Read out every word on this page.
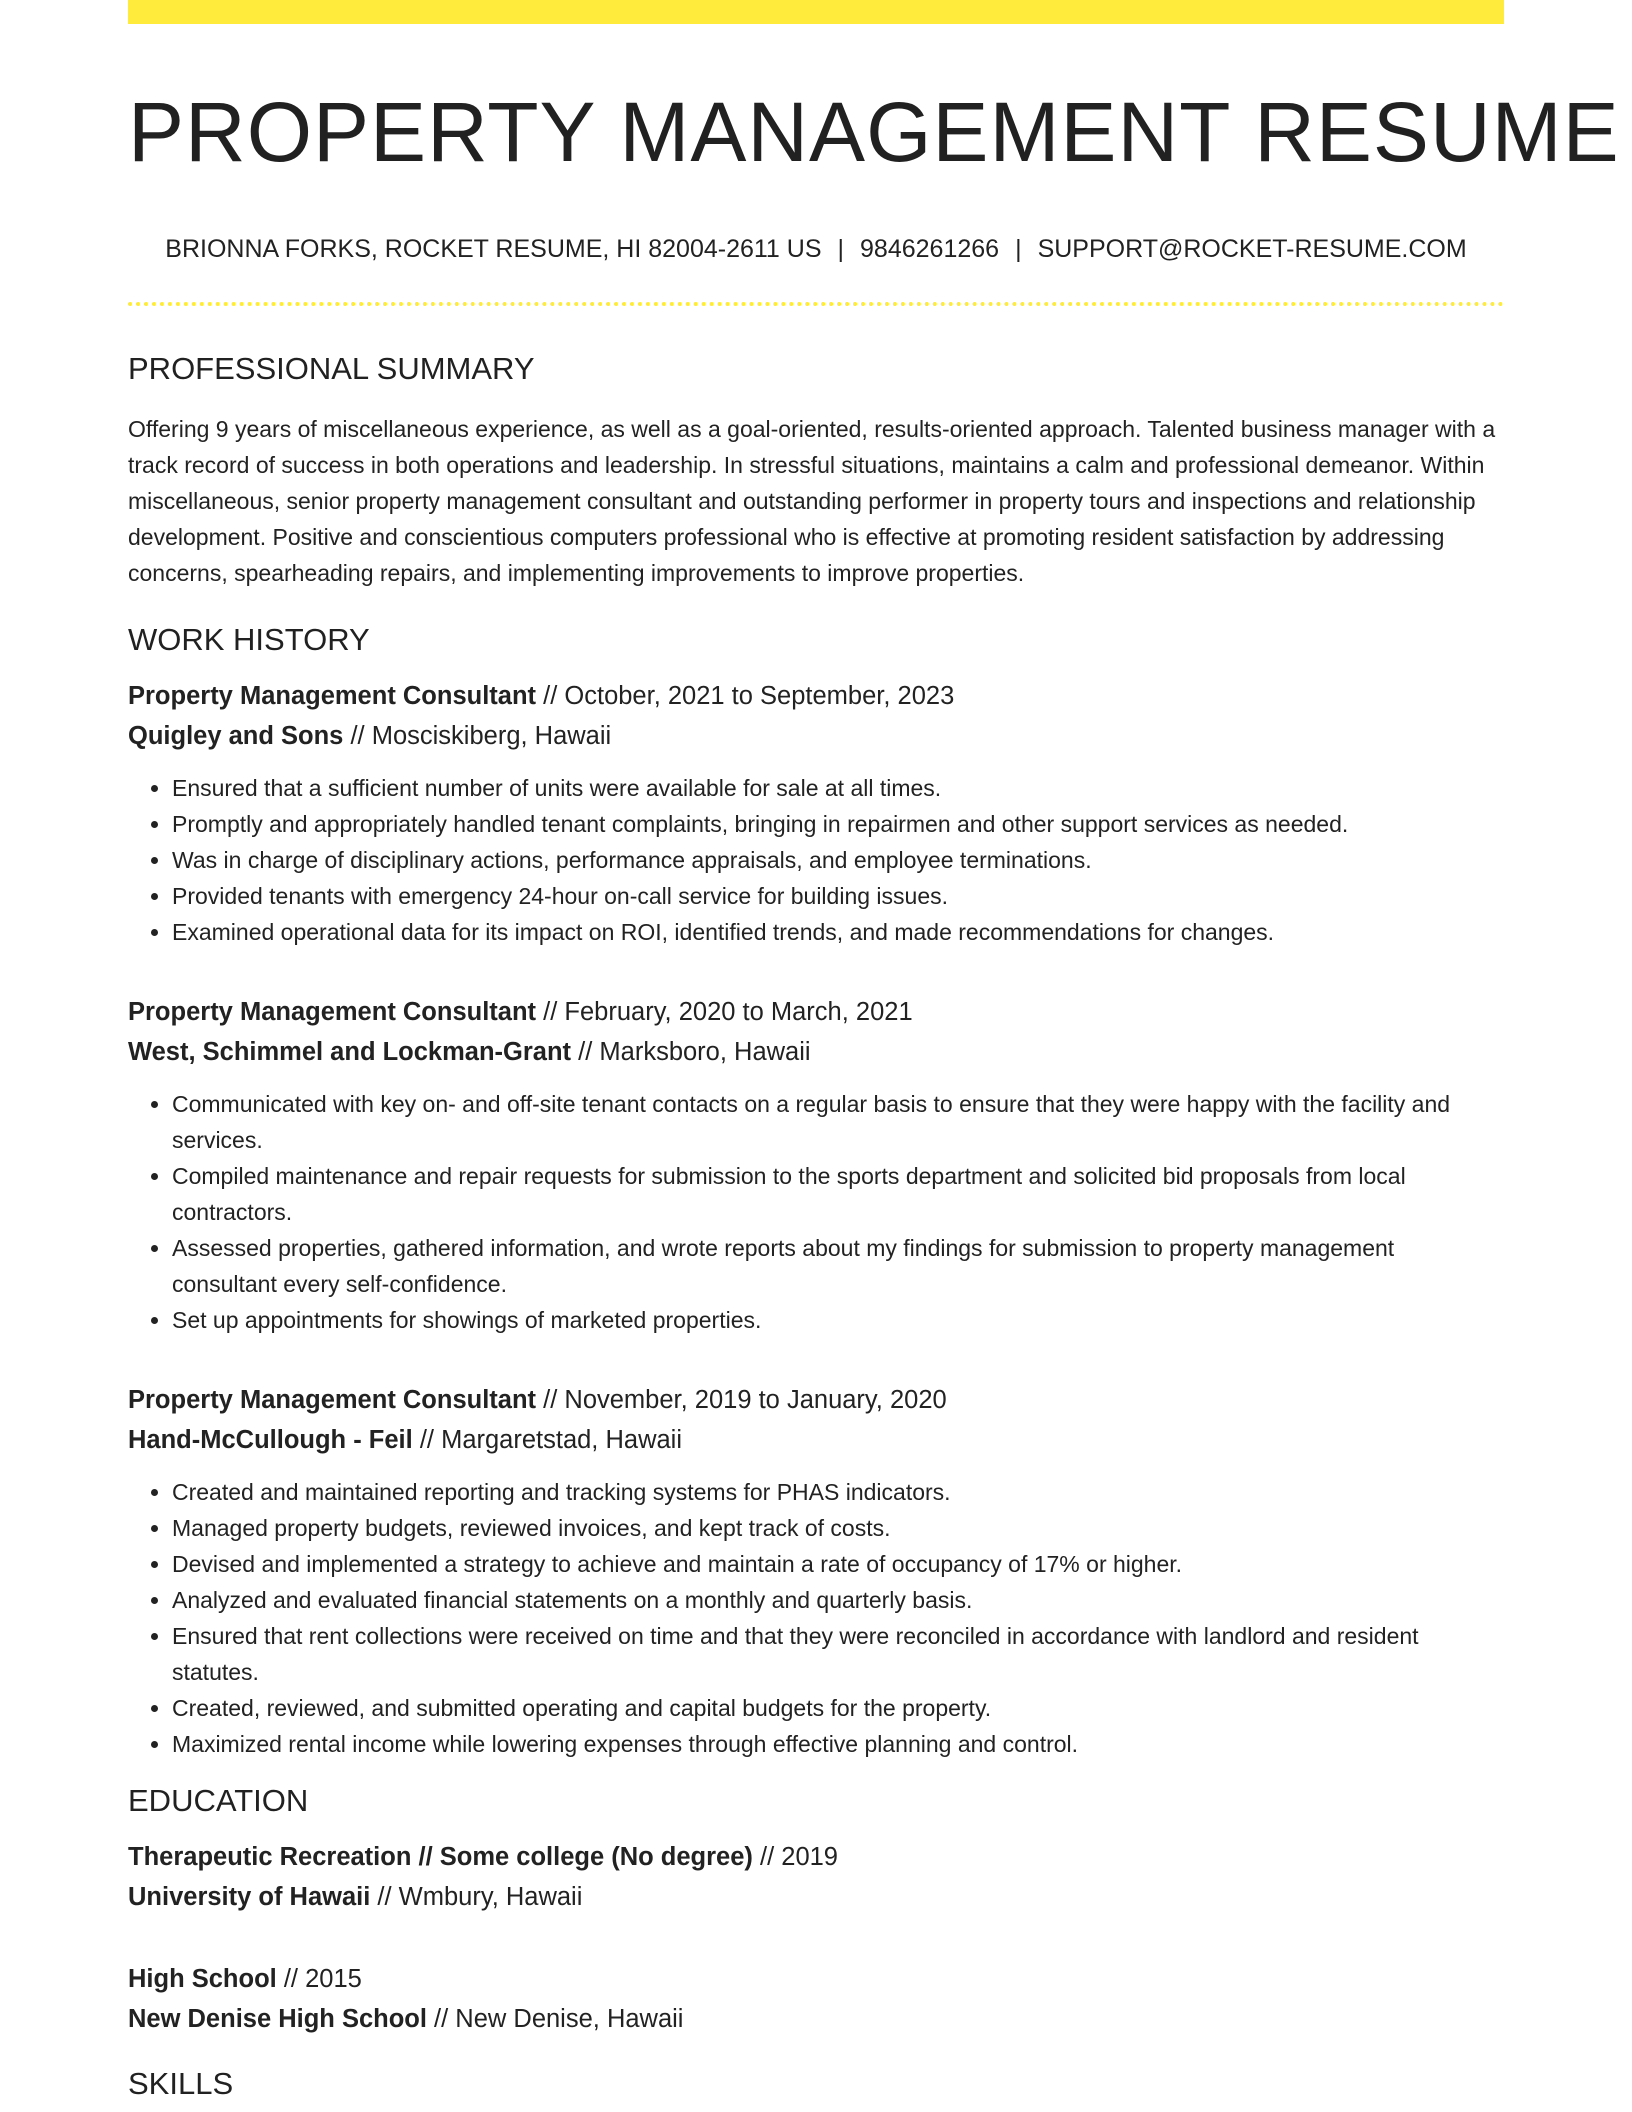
PROPERTY MANAGEMENT RESUME
BRIONNA FORKS, ROCKET RESUME, HI 82004-2611 US | 9846261266 | SUPPORT@ROCKET-RESUME.COM
PROFESSIONAL SUMMARY

Offering 9 years of miscellaneous experience, as well as a goal-oriented, results-oriented approach. Talented business manager with a track record of success in both operations and leadership. In stressful situations, maintains a calm and professional demeanor. Within miscellaneous, senior property management consultant and outstanding performer in property tours and inspections and relationship development. Positive and conscientious computers professional who is effective at promoting resident satisfaction by addressing concerns, spearheading repairs, and implementing improvements to improve properties.

WORK HISTORY
Property Management Consultant // October, 2021 to September, 2023
Quigley and Sons // Mosciskiberg, Hawaii
• Ensured that a sufficient number of units were available for sale at all times.
• Promptly and appropriately handled tenant complaints, bringing in repairmen and other support services as needed.
• Was in charge of disciplinary actions, performance appraisals, and employee terminations.
• Provided tenants with emergency 24-hour on-call service for building issues.
• Examined operational data for its impact on ROI, identified trends, and made recommendations for changes.
Property Management Consultant // February, 2020 to March, 2021
West, Schimmel and Lockman-Grant // Marksboro, Hawaii
• Communicated with key on- and off-site tenant contacts on a regular basis to ensure that they were happy with the facility and services.
• Compiled maintenance and repair requests for submission to the sports department and solicited bid proposals from local contractors.
• Assessed properties, gathered information, and wrote reports about my findings for submission to property management consultant every self-confidence.
• Set up appointments for showings of marketed properties.
Property Management Consultant // November, 2019 to January, 2020
Hand-McCullough - Feil // Margaretstad, Hawaii
• Created and maintained reporting and tracking systems for PHAS indicators.
• Managed property budgets, reviewed invoices, and kept track of costs.
• Devised and implemented a strategy to achieve and maintain a rate of occupancy of 17% or higher.
• Analyzed and evaluated financial statements on a monthly and quarterly basis.
• Ensured that rent collections were received on time and that they were reconciled in accordance with landlord and resident statutes.
• Created, reviewed, and submitted operating and capital budgets for the property.
• Maximized rental income while lowering expenses through effective planning and control.
EDUCATION
Therapeutic Recreation // Some college (No degree) // 2019
University of Hawaii // Wmbury, Hawaii
High School // 2015
New Denise High School // New Denise, Hawaii
SKILLS
